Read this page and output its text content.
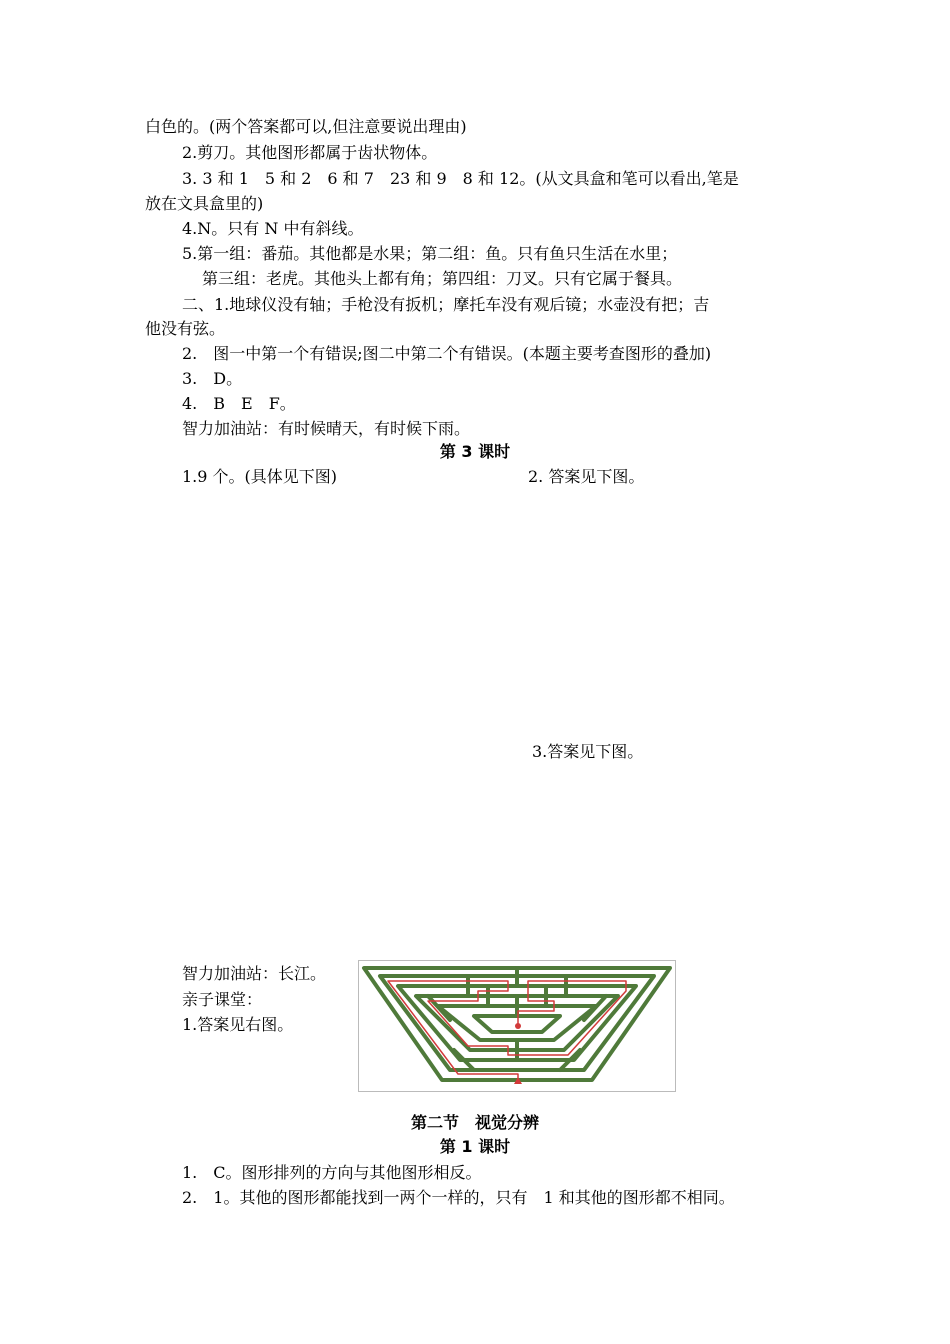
白色的。(两个答案都可以,但注意要说出理由)

2.剪刀。其他图形都属于齿状物体。

3. 3 和 1　5 和 2　6 和 7　23 和 9　8 和 12。(从文具盒和笔可以看出,笔是

放在文具盒里的)

4.N。只有 N 中有斜线。

5.第一组：番茄。其他都是水果；第二组：鱼。只有鱼只生活在水里；

第三组：老虎。其他头上都有角；第四组：刀叉。只有它属于餐具。

二、1.地球仪没有轴；手枪没有扳机；摩托车没有观后镜；水壶没有把；吉

他没有弦。

2.　图一中第一个有错误;图二中第二个有错误。(本题主要考查图形的叠加)

3.　D。

4.　B　E　F。

智力加油站：有时候晴天，有时候下雨。

第 3 课时

1.9 个。(具体见下图)	2. 答案见下图。

3.答案见下图。

智力加油站：长江。

亲子课堂：

1.答案见右图。

第二节　视觉分辨
第 1 课时

1.　C。图形排列的方向与其他图形相反。

2.　1。其他的图形都能找到一两个一样的，只有　1 和其他的图形都不相同。
